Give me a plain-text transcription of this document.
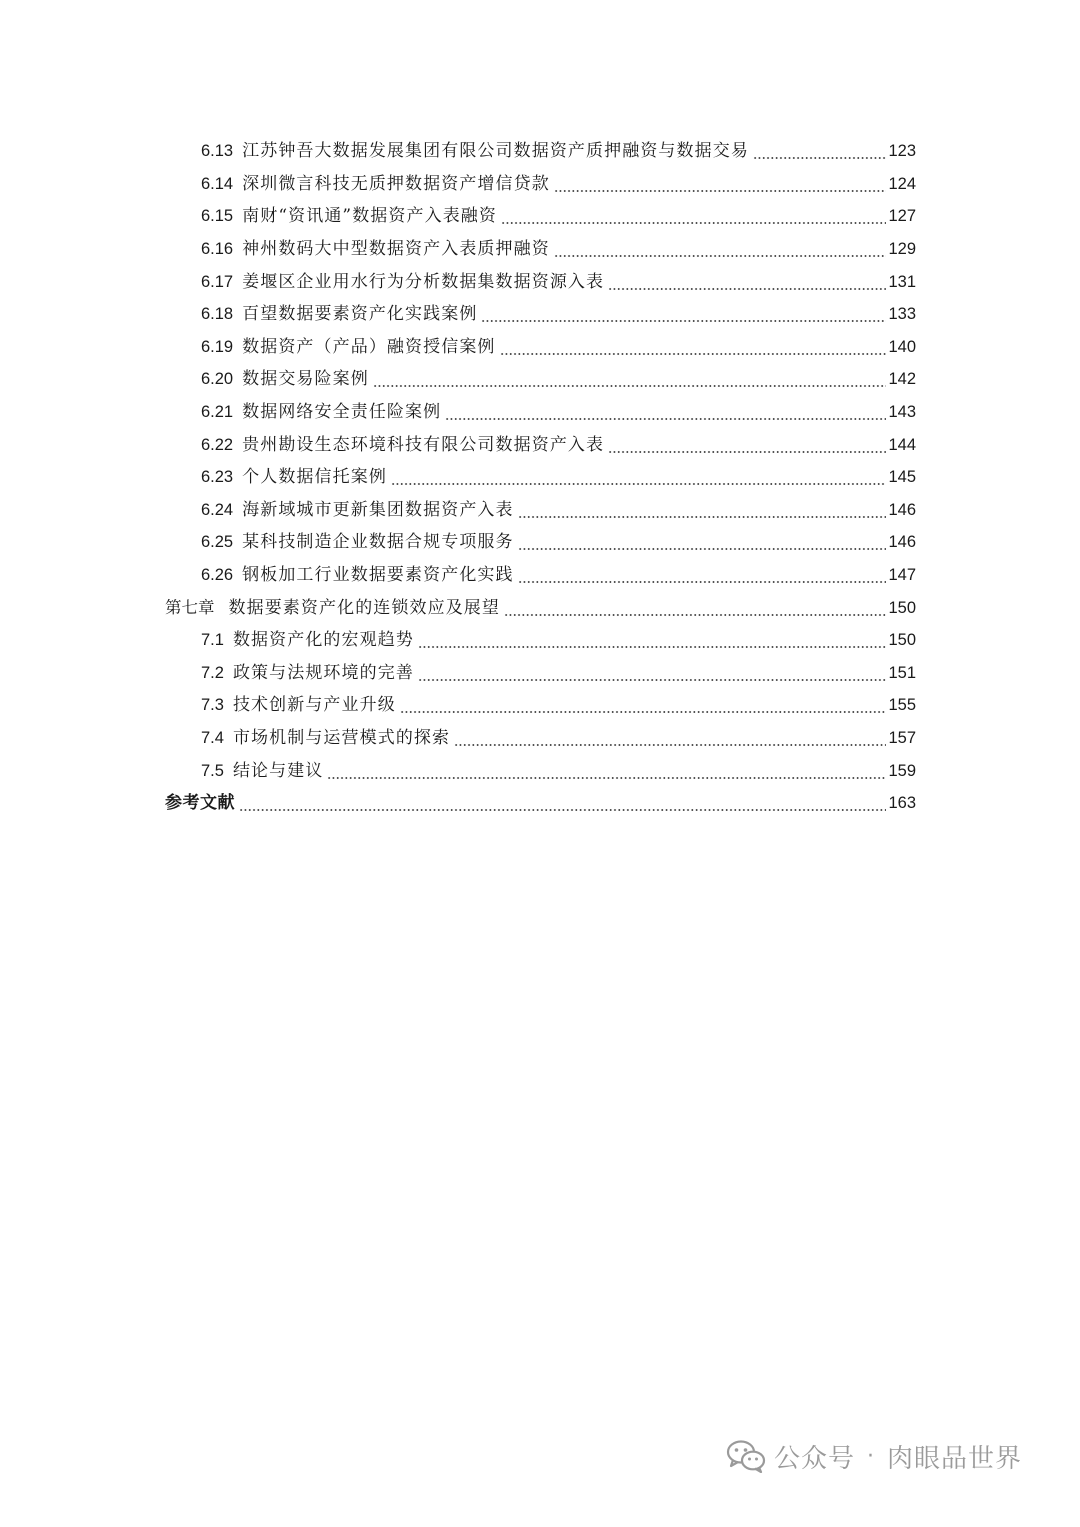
6.13 江苏钟吾大数据发展集团有限公司数据资产质押融资与数据交易	123
6.14 深圳微言科技无质押数据资产增信贷款	124
6.15 南财“资讯通”数据资产入表融资	127
6.16 神州数码大中型数据资产入表质押融资	129
6.17 姜堰区企业用水行为分析数据集数据资源入表	131
6.18 百望数据要素资产化实践案例	133
6.19 数据资产（产品）融资授信案例	140
6.20 数据交易险案例	142
6.21 数据网络安全责任险案例	143
6.22 贵州勘设生态环境科技有限公司数据资产入表	144
6.23 个人数据信托案例	145
6.24 海新域城市更新集团数据资产入表	146
6.25 某科技制造企业数据合规专项服务	146
6.26 钢板加工行业数据要素资产化实践	147
第七章 数据要素资产化的连锁效应及展望	150
7.1 数据资产化的宏观趋势	150
7.2 政策与法规环境的完善	151
7.3 技术创新与产业升级	155
7.4 市场机制与运营模式的探索	157
7.5 结论与建议	159
参考文献	163
公众号 · 肉眼品世界
